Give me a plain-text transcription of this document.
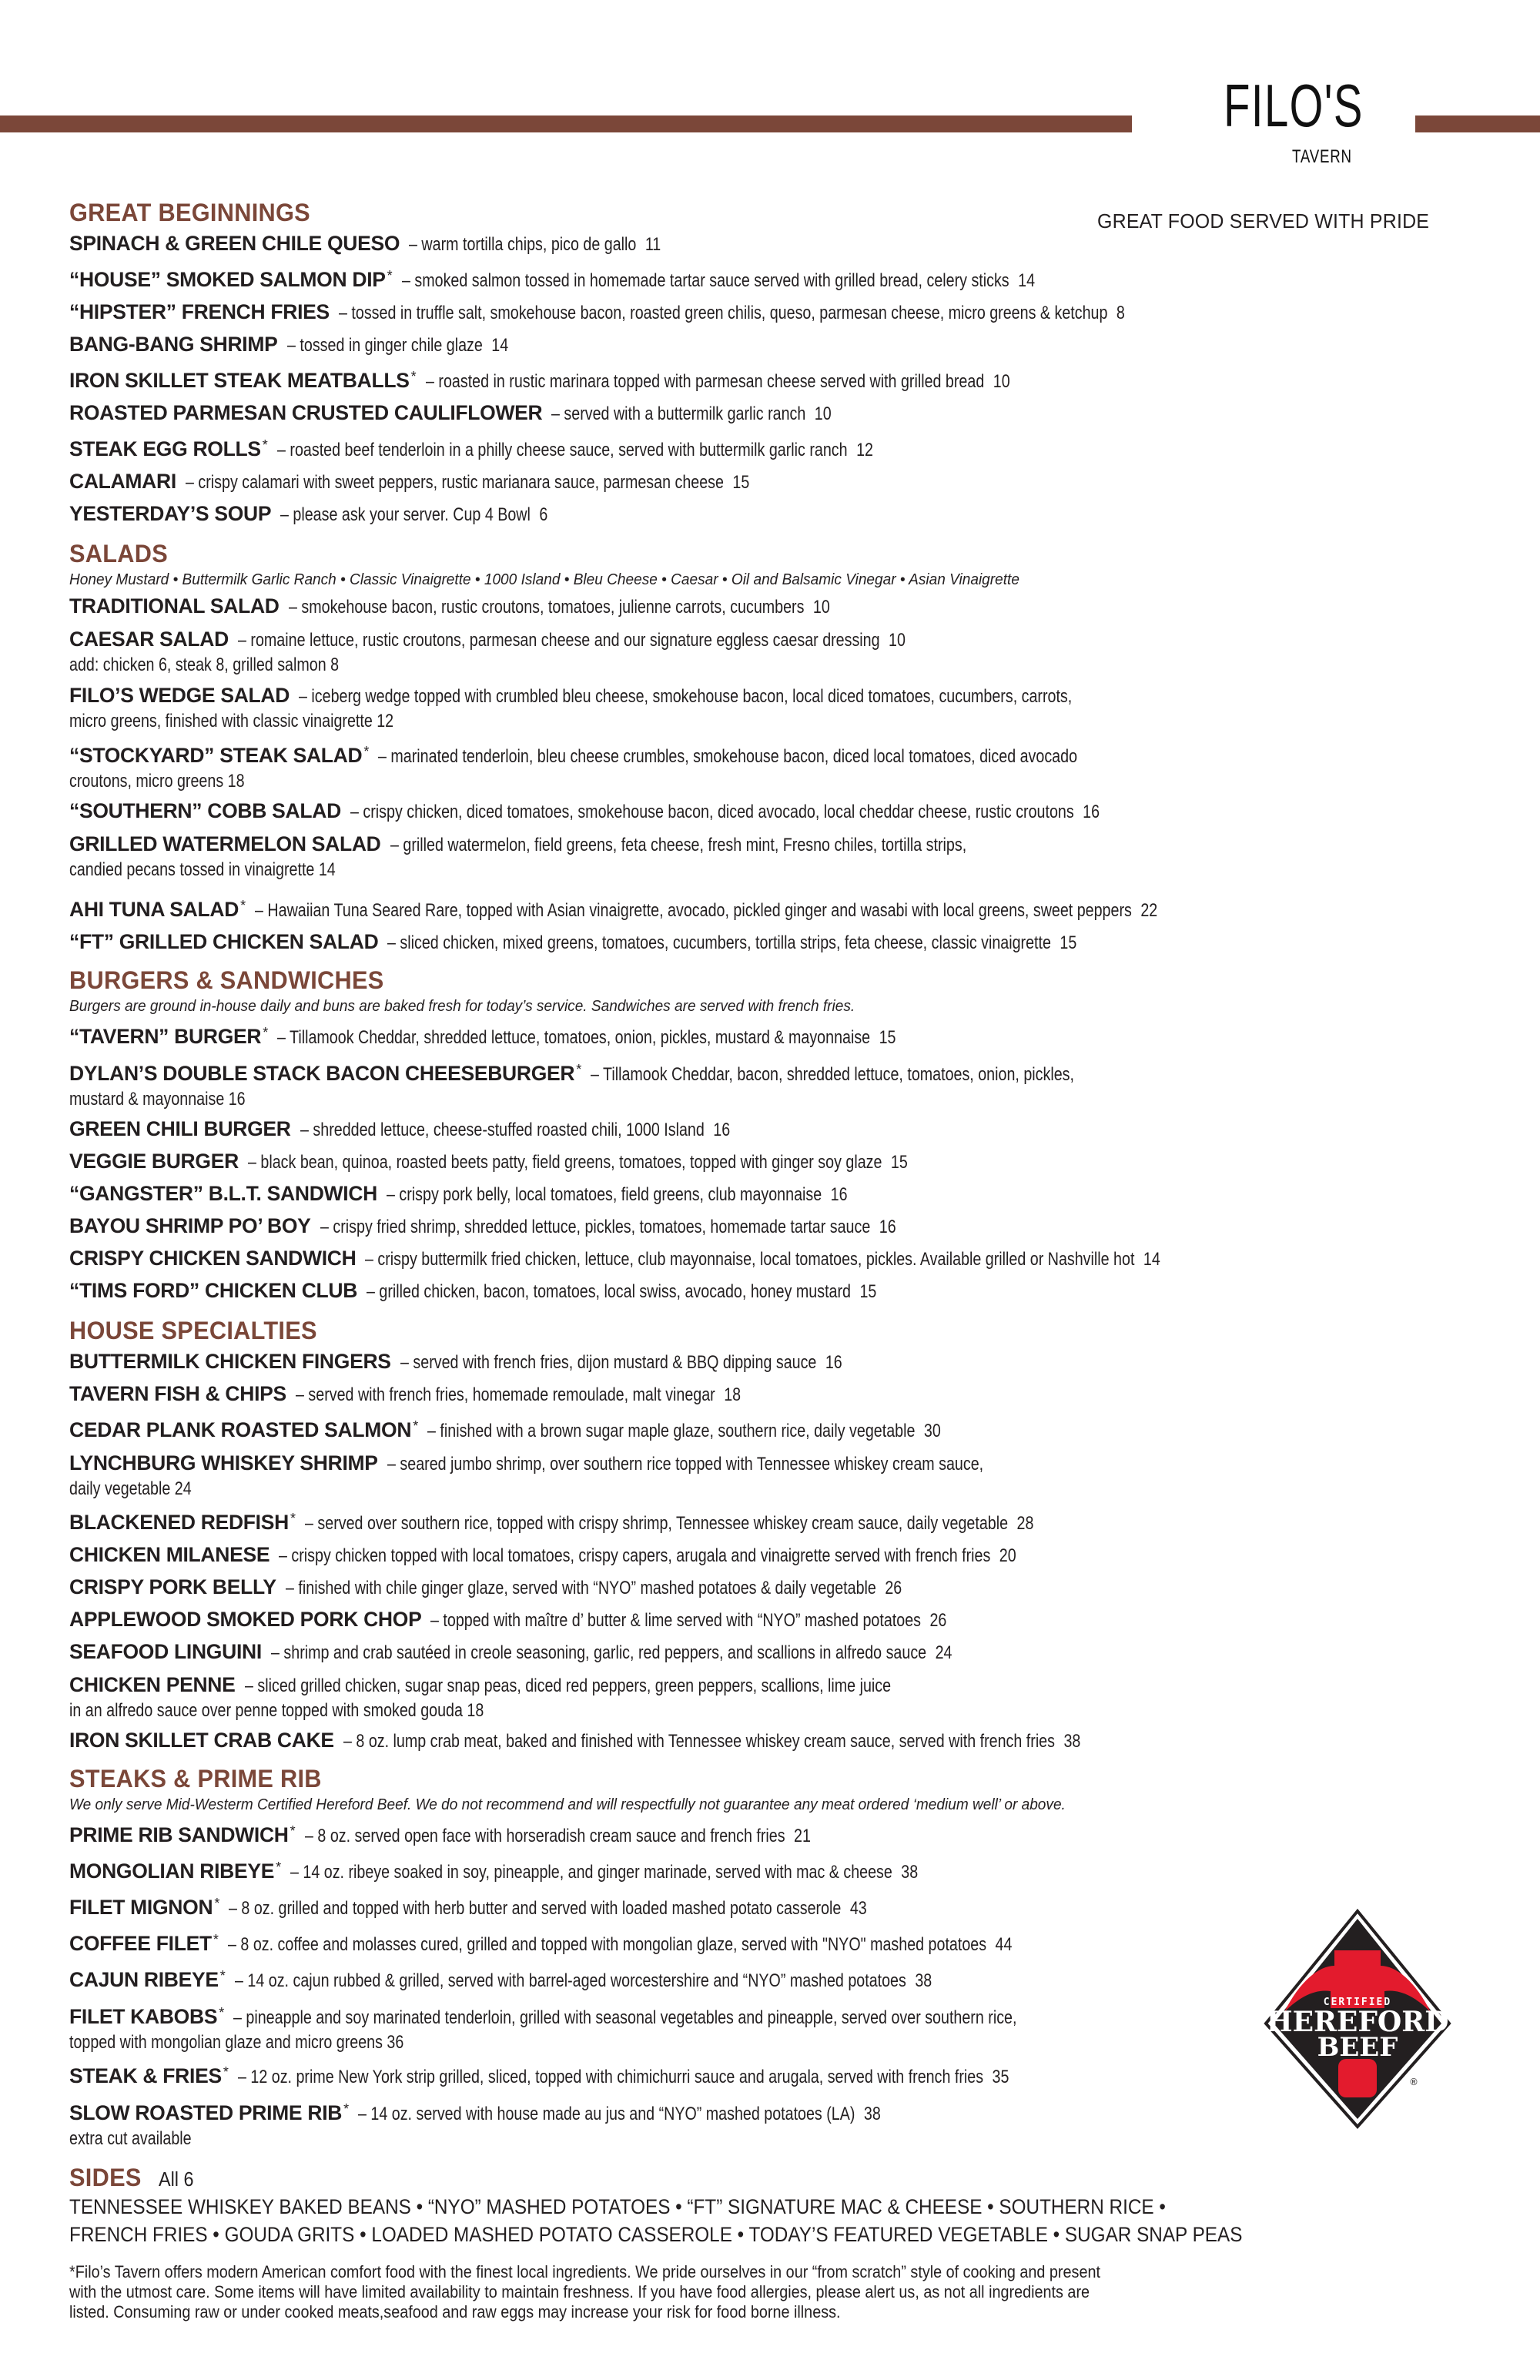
FILO'S
TAVERN
GREAT FOOD SERVED WITH PRIDE
GREAT BEGINNINGS
SPINACH & GREEN CHILE QUESO – warm tortilla chips, pico de gallo 11
“HOUSE” SMOKED SALMON DIP * – smoked salmon tossed in homemade tartar sauce served with grilled bread, celery sticks 14
“HIPSTER” FRENCH FRIES – tossed in truffle salt, smokehouse bacon, roasted green chilis, queso, parmesan cheese, micro greens & ketchup 8
BANG-BANG SHRIMP – tossed in ginger chile glaze 14
IRON SKILLET STEAK MEATBALLS * – roasted in rustic marinara topped with parmesan cheese served with grilled bread 10
ROASTED PARMESAN CRUSTED CAULIFLOWER – served with a buttermilk garlic ranch 10
STEAK EGG ROLLS * – roasted beef tenderloin in a philly cheese sauce, served with buttermilk garlic ranch 12
CALAMARI – crispy calamari with sweet peppers, rustic marianara sauce, parmesan cheese 15
YESTERDAY’S SOUP – please ask your server. Cup 4 Bowl 6
SALADS
Honey Mustard • Buttermilk Garlic Ranch • Classic Vinaigrette • 1000 Island • Bleu Cheese • Caesar • Oil and Balsamic Vinegar • Asian Vinaigrette
TRADITIONAL SALAD – smokehouse bacon, rustic croutons, tomatoes, julienne carrots, cucumbers 10
CAESAR SALAD – romaine lettuce, rustic croutons, parmesan cheese and our signature eggless caesar dressing 10
add: chicken 6, steak 8, grilled salmon 8
FILO’S WEDGE SALAD – iceberg wedge topped with crumbled bleu cheese, smokehouse bacon, local diced tomatoes, cucumbers, carrots,
micro greens, finished with classic vinaigrette 12
“STOCKYARD” STEAK SALAD * – marinated tenderloin, bleu cheese crumbles, smokehouse bacon, diced local tomatoes, diced avocado
croutons, micro greens 18
“SOUTHERN” COBB SALAD – crispy chicken, diced tomatoes, smokehouse bacon, diced avocado, local cheddar cheese, rustic croutons 16
GRILLED WATERMELON SALAD – grilled watermelon, field greens, feta cheese, fresh mint, Fresno chiles, tortilla strips,
candied pecans tossed in vinaigrette 14
AHI TUNA SALAD * – Hawaiian Tuna Seared Rare, topped with Asian vinaigrette, avocado, pickled ginger and wasabi with local greens, sweet peppers 22
“FT” GRILLED CHICKEN SALAD – sliced chicken, mixed greens, tomatoes, cucumbers, tortilla strips, feta cheese, classic vinaigrette 15
BURGERS & SANDWICHES
Burgers are ground in-house daily and buns are baked fresh for today’s service. Sandwiches are served with french fries.
“TAVERN” BURGER * – Tillamook Cheddar, shredded lettuce, tomatoes, onion, pickles, mustard & mayonnaise 15
DYLAN’S DOUBLE STACK BACON CHEESEBURGER * – Tillamook Cheddar, bacon, shredded lettuce, tomatoes, onion, pickles,
mustard & mayonnaise 16
GREEN CHILI BURGER – shredded lettuce, cheese-stuffed roasted chili, 1000 Island 16
VEGGIE BURGER – black bean, quinoa, roasted beets patty, field greens, tomatoes, topped with ginger soy glaze 15
“GANGSTER” B.L.T. SANDWICH – crispy pork belly, local tomatoes, field greens, club mayonnaise 16
BAYOU SHRIMP PO’ BOY – crispy fried shrimp, shredded lettuce, pickles, tomatoes, homemade tartar sauce 16
CRISPY CHICKEN SANDWICH – crispy buttermilk fried chicken, lettuce, club mayonnaise, local tomatoes, pickles. Available grilled or Nashville hot 14
“TIMS FORD” CHICKEN CLUB – grilled chicken, bacon, tomatoes, local swiss, avocado, honey mustard 15
HOUSE SPECIALTIES
BUTTERMILK CHICKEN FINGERS – served with french fries, dijon mustard & BBQ dipping sauce 16
TAVERN FISH & CHIPS – served with french fries, homemade remoulade, malt vinegar 18
CEDAR PLANK ROASTED SALMON * – finished with a brown sugar maple glaze, southern rice, daily vegetable 30
LYNCHBURG WHISKEY SHRIMP – seared jumbo shrimp, over southern rice topped with Tennessee whiskey cream sauce,
daily vegetable 24
BLACKENED REDFISH * – served over southern rice, topped with crispy shrimp, Tennessee whiskey cream sauce, daily vegetable 28
CHICKEN MILANESE – crispy chicken topped with local tomatoes, crispy capers, arugala and vinaigrette served with french fries 20
CRISPY PORK BELLY – finished with chile ginger glaze, served with “NYO” mashed potatoes & daily vegetable 26
APPLEWOOD SMOKED PORK CHOP – topped with maître d’ butter & lime served with “NYO” mashed potatoes 26
SEAFOOD LINGUINI – shrimp and crab sautéed in creole seasoning, garlic, red peppers, and scallions in alfredo sauce 24
CHICKEN PENNE – sliced grilled chicken, sugar snap peas, diced red peppers, green peppers, scallions, lime juice
in an alfredo sauce over penne topped with smoked gouda 18
IRON SKILLET CRAB CAKE – 8 oz. lump crab meat, baked and finished with Tennessee whiskey cream sauce, served with french fries 38
STEAKS & PRIME RIB
We only serve Mid-Westerm Certified Hereford Beef. We do not recommend and will respectfully not guarantee any meat ordered ‘medium well’ or above.
PRIME RIB SANDWICH * – 8 oz. served open face with horseradish cream sauce and french fries 21
MONGOLIAN RIBEYE * – 14 oz. ribeye soaked in soy, pineapple, and ginger marinade, served with mac & cheese 38
FILET MIGNON * – 8 oz. grilled and topped with herb butter and served with loaded mashed potato casserole 43
COFFEE FILET * – 8 oz. coffee and molasses cured, grilled and topped with mongolian glaze, served with "NYO" mashed potatoes 44
CAJUN RIBEYE * – 14 oz. cajun rubbed & grilled, served with barrel-aged worcestershire and “NYO” mashed potatoes 38
FILET KABOBS * – pineapple and soy marinated tenderloin, grilled with seasonal vegetables and pineapple, served over southern rice,
topped with mongolian glaze and micro greens 36
STEAK & FRIES * – 12 oz. prime New York strip grilled, sliced, topped with chimichurri sauce and arugala, served with french fries 35
SLOW ROASTED PRIME RIB * – 14 oz. served with house made au jus and “NYO” mashed potatoes (LA) 38
extra cut available
SIDES All 6
TENNESSEE WHISKEY BAKED BEANS • “NYO” MASHED POTATOES • “FT” SIGNATURE MAC & CHEESE • SOUTHERN RICE •
FRENCH FRIES • GOUDA GRITS • LOADED MASHED POTATO CASSEROLE • TODAY’S FEATURED VEGETABLE • SUGAR SNAP PEAS
*Filo’s Tavern offers modern American comfort food with the finest local ingredients. We pride ourselves in our “from scratch” style of cooking and present
with the utmost care. Some items will have limited availability to maintain freshness. If you have food allergies, please alert us, as not all ingredients are
listed. Consuming raw or under cooked meats,seafood and raw eggs may increase your risk for food borne illness.
CERTIFIED
HEREFORD
BEEF
®
